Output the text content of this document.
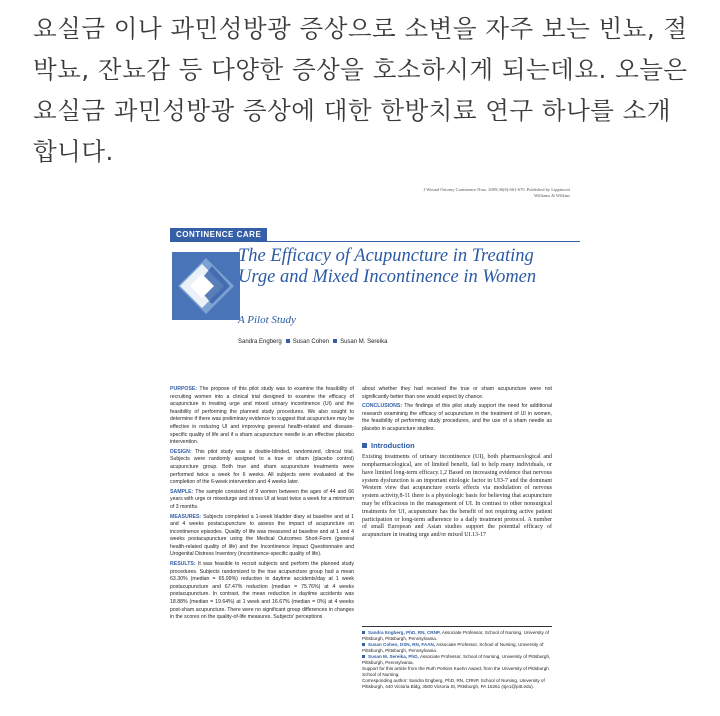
요실금 이나 과민성방광 증상으로 소변을 자주 보는 빈뇨, 절박뇨, 잔뇨감 등 다양한 증상을 호소하시게 되는데요. 오늘은 요실금 과민성방광 증상에 대한 한방치료 연구 하나를 소개합니다.
J Wound Ostomy Continence Nurs. 2009;36(6):661-670. Published by Lippincott Williams & Wilkins
CONTINENCE CARE
The Efficacy of Acupuncture in Treating Urge and Mixed Incontinence in Women
A Pilot Study
Sandra Engberg Susan Cohen Susan M. Sereika

PURPOSE: The propose of this pilot study was to examine the feasibility of recruiting women into a clinical trial designed to examine the efficacy of acupuncture in treating urge and mixed urinary incontinence (UI) and the feasibility of performing the planned study procedures. We also sought to determine if there was preliminary evidence to suggest that acupuncture may be effective in reducing UI and improving general health-related and disease-specific quality of life and if a sham acupuncture needle is an effective placebo intervention.

DESIGN: This pilot study was a double-blinded, randomized, clinical trial. Subjects were randomly assigned to a true or sham (placebo control) acupuncture group. Both true and sham acupuncture treatments were performed twice a week for 6 weeks. All subjects were evaluated at the completion of the 6-week intervention and 4 weeks later.

SAMPLE: The sample consisted of 9 women between the ages of 44 and 66 years with urge or mixedurge and stress UI at least twice a week for a minimum of 3 months.

MEASURES: Subjects completed a 1-week bladder diary at baseline and at 1 and 4 weeks postacupuncture to assess the impact of acupuncture on incontinence episodes. Quality of life was measured at baseline and at 1 and 4 weeks postacupuncture using the Medical Outcomes Short-Form (general health-related quality of life) and the Incontinence Impact Questionnaire and Urogenital Distress Inventory (incontinence-specific quality of life).

RESULTS: It was feasible to recruit subjects and perform the planned study procedures. Subjects randomized to the true acupuncture group had a mean 63.30% (median = 65.99%) reduction in daytime accidents/day at 1 week postacupuncture and 67.47% reduction (median = 75.76%) at 4 weeks postacupuncture. In contrast, the mean reduction in daytime accidents was 18.88% (median = 19.64%) at 1 week and 16.67% (median = 0%) at 4 weeks post-sham acupuncture. There were no significant group differences in changes in the scores on the quality-of-life measures. Subjects' perceptions

about whether they had received the true or sham acupuncture were not significantly better than one would expect by chance.

CONCLUSIONS: The findings of this pilot study support the need for additional research examining the efficacy of acupuncture in the treatment of UI in women, the feasibility of performing study procedures, and the use of a sham needle as placebo in acupuncture studies.

Introduction

Existing treatments of urinary incontinence (UI), both pharmacological and nonpharmacological, are of limited benefit, fail to help many individuals, or have limited long-term efficacy.1,2 Based on increasing evidence that nervous system dysfunction is an important etiologic factor in UI3-7 and the dominant Western view that acupuncture exerts effects via modulation of nervous system activity,8-11 there is a physiologic basis for believing that acupuncture may be efficacious in the management of UI. In contrast to other nonsurgical treatments for UI, acupuncture has the benefit of not requiring active patient participation or long-term adherence to a daily treatment protocol. A number of small European and Asian studies support the potential efficacy of acupuncture in treating urge and/or mixed UI.13-17

Sandra Engberg, PhD, RN, CRNP, Associate Professor, School of Nursing, University of Pittsburgh, Pittsburgh, Pennsylvania.

Susan Cohen, DSN, RN, FAAN, Associate Professor, School of Nursing, University of Pittsburgh, Pittsburgh, Pennsylvania.

Susan M. Sereika, PhD, Associate Professor, School of Nursing, University of Pittsburgh, Pittsburgh, Pennsylvania.

Support for this article from the Ruth Perkins Kuehn Award, from the University of Pittsburgh School of Nursing.

Corresponding author: Sandra Engberg, PhD, RN, CRNP, School of Nursing, University of Pittsburgh, 440 Victoria Bldg, 3500 Victoria St, Pittsburgh, PA 15261 (sje1@pitt.edu).
